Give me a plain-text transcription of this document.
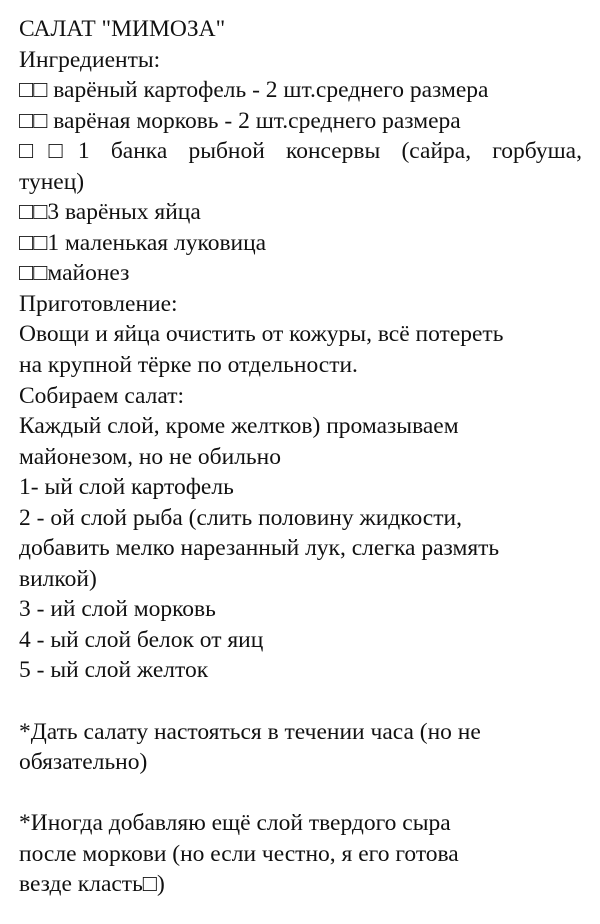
САЛАТ "МИМОЗА"
Ингредиенты:
□□ варёный картофель - 2 шт.среднего размера
□□ варёная морковь - 2 шт.среднего размера
□□1 банка рыбной консервы (сайра, горбуша,
тунец)
□□3 варёных яйца
□□1 маленькая луковица
□□майонез
Приготовление:
Овощи и яйца очистить от кожуры, всё потереть
на крупной тёрке по отдельности.
Собираем салат:
Каждый слой, кроме желтков) промазываем
майонезом, но не обильно
1- ый слой картофель
2 - ой слой рыба (слить половину жидкости,
добавить мелко нарезанный лук, слегка размять
вилкой)
3 - ий слой морковь
4 - ый слой белок от яиц
5 - ый слой желток
*Дать салату настояться в течении часа (но не
обязательно)
*Иногда добавляю ещё слой твердого сыра
после моркови (но если честно, я его готова
везде класть□)
